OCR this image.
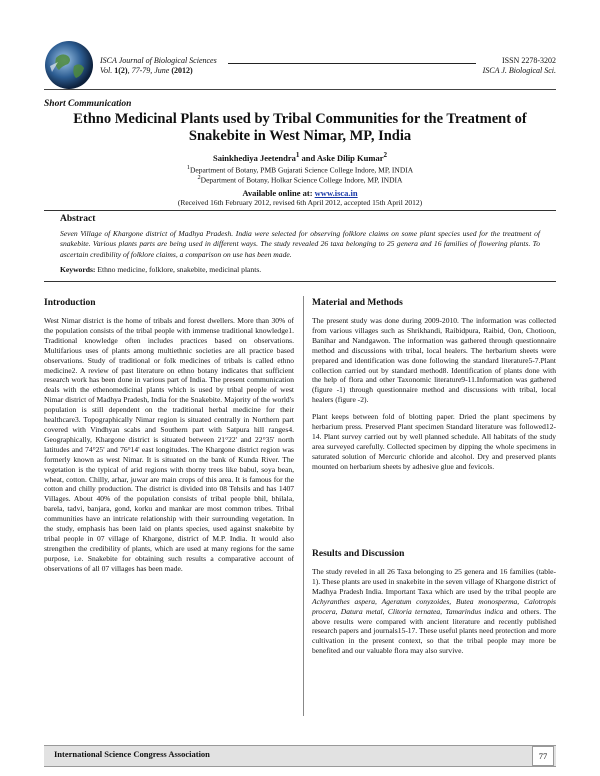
ISCA Journal of Biological Sciences
Vol. 1(2), 77-79, June (2012)
ISSN 2278-3202
ISCA J. Biological Sci.
Short Communication
Ethno Medicinal Plants used by Tribal Communities for the Treatment of Snakebite in West Nimar, MP, India
Sainkhediya Jeetendra$^1$ and Aske Dilip Kumar$^2$
$^1$Department of Botany, PMB Gujarati Science College Indore, MP, INDIA
$^2$Department of Botany, Holkar Science College Indore, MP, INDIA
Available online at: www.isca.in
(Received 16th February 2012, revised 6th April 2012, accepted 15th April 2012)
Abstract
Seven Village of Khargone district of Madhya Pradesh. India were selected for observing folklore claims on some plant species used for the treatment of snakebite. Various plants parts are being used in different ways. The study revealed 26 taxa belonging to 25 genera and 16 families of flowering plants. To ascertain credibility of folklore claims, a comparison on use has been made.
Keywords: Ethno medicine, folklore, snakebite, medicinal plants.
Introduction

West Nimar district is the home of tribals and forest dwellers. More than 30% of the population consists of the tribal people with immense traditional knowledge1. Traditional knowledge often includes practices based on observations. Multifarious uses of plants among multiethnic societies are all practice based observations. Study of traditional or folk medicines of tribals is called ethno medicine2. A review of past literature on ethno botany indicates that sufficient research work has been done in various part of India. The present communication deals with the ethenomedicinal plants which is used by tribal people of west Nimar district of Madhya Pradesh, India for the Snakebite. Majority of the world's population is still dependent on the traditional herbal medicine for their healthcare3. Topographically Nimar region is situated centrally in Northern part covered with Vindhyan scabs and Southern part with Satpura hill ranges4. Geographically, Khargone district is situated between 21°22' and 22°35' north latitudes and 74°25' and 76°14' east longitudes. The Khargone district region was formerly known as west Nimar. It is situated on the bank of Kunda River. The vegetation is the typical of arid regions with thorny trees like babul, soya bean, wheat, cotton. Chilly, arhar, juwar are main crops of this area. It is famous for the cotton and chilly production. The district is divided into 08 Tehsils and has 1407 Villages. About 40% of the population consists of tribal people bhil, bhilala, barela, tadvi, banjara, gond, korku and mankar are most common tribes. Tribal communities have an intricate relationship with their surrounding vegetation. In the study, emphasis has been laid on plants species, used against snakebite by tribal people in 07 village of Khargone, district of M.P. India. It would also strengthen the credibility of plants, which are used at many regions for the same purpose, i.e. Snakebite for obtaining such results a comparative account of observations of all 07 villages has been made.

Material and Methods

The present study was done during 2009-2010. The information was collected from various villages such as Shrikhandi, Raibidpura, Raibid, Oon, Chotioon, Banihar and Nandgawon. The information was gathered through questionnaire method and discussions with tribal, local healers. The herbarium sheets were prepared and identification was done following the standard literature5-7.Plant collection carried out by standard method8. Identification of plants done with the help of flora and other Taxonomic literature9-11.Information was gathered (figure -1) through questionnaire method and discussions with tribal, local healers (figure -2).

Plant keeps between fold of blotting paper. Dried the plant specimens by herbarium press. Preserved Plant specimen Standard literature was followed12-14. Plant survey carried out by well planned schedule. All habitats of the study area surveyed carefully. Collected specimen by dipping the whole specimens in saturated solution of Mercuric chloride and alcohol. Dry and preserved plants mounted on herbarium sheets by adhesive glue and fevicols.

Results and Discussion

The study reveled in all 26 Taxa belonging to 25 genera and 16 families (table-1). These plants are used in snakebite in the seven village of Khargone district of Madhya Pradesh India. Important Taxa which are used by the tribal people are Achyranthes aspera, Ageratum conyzoides, Butea monosperma, Calotropis procera, Datura metal, Clitoria ternatea, Tamarindus indica and others. The above results were compared with ancient literature and recently published research papers and journals15-17. These useful plants need protection and more cultivation in the present context, so that the tribal people may more be benefited and our valuable flora may also survive.

International Science Congress Association	77
